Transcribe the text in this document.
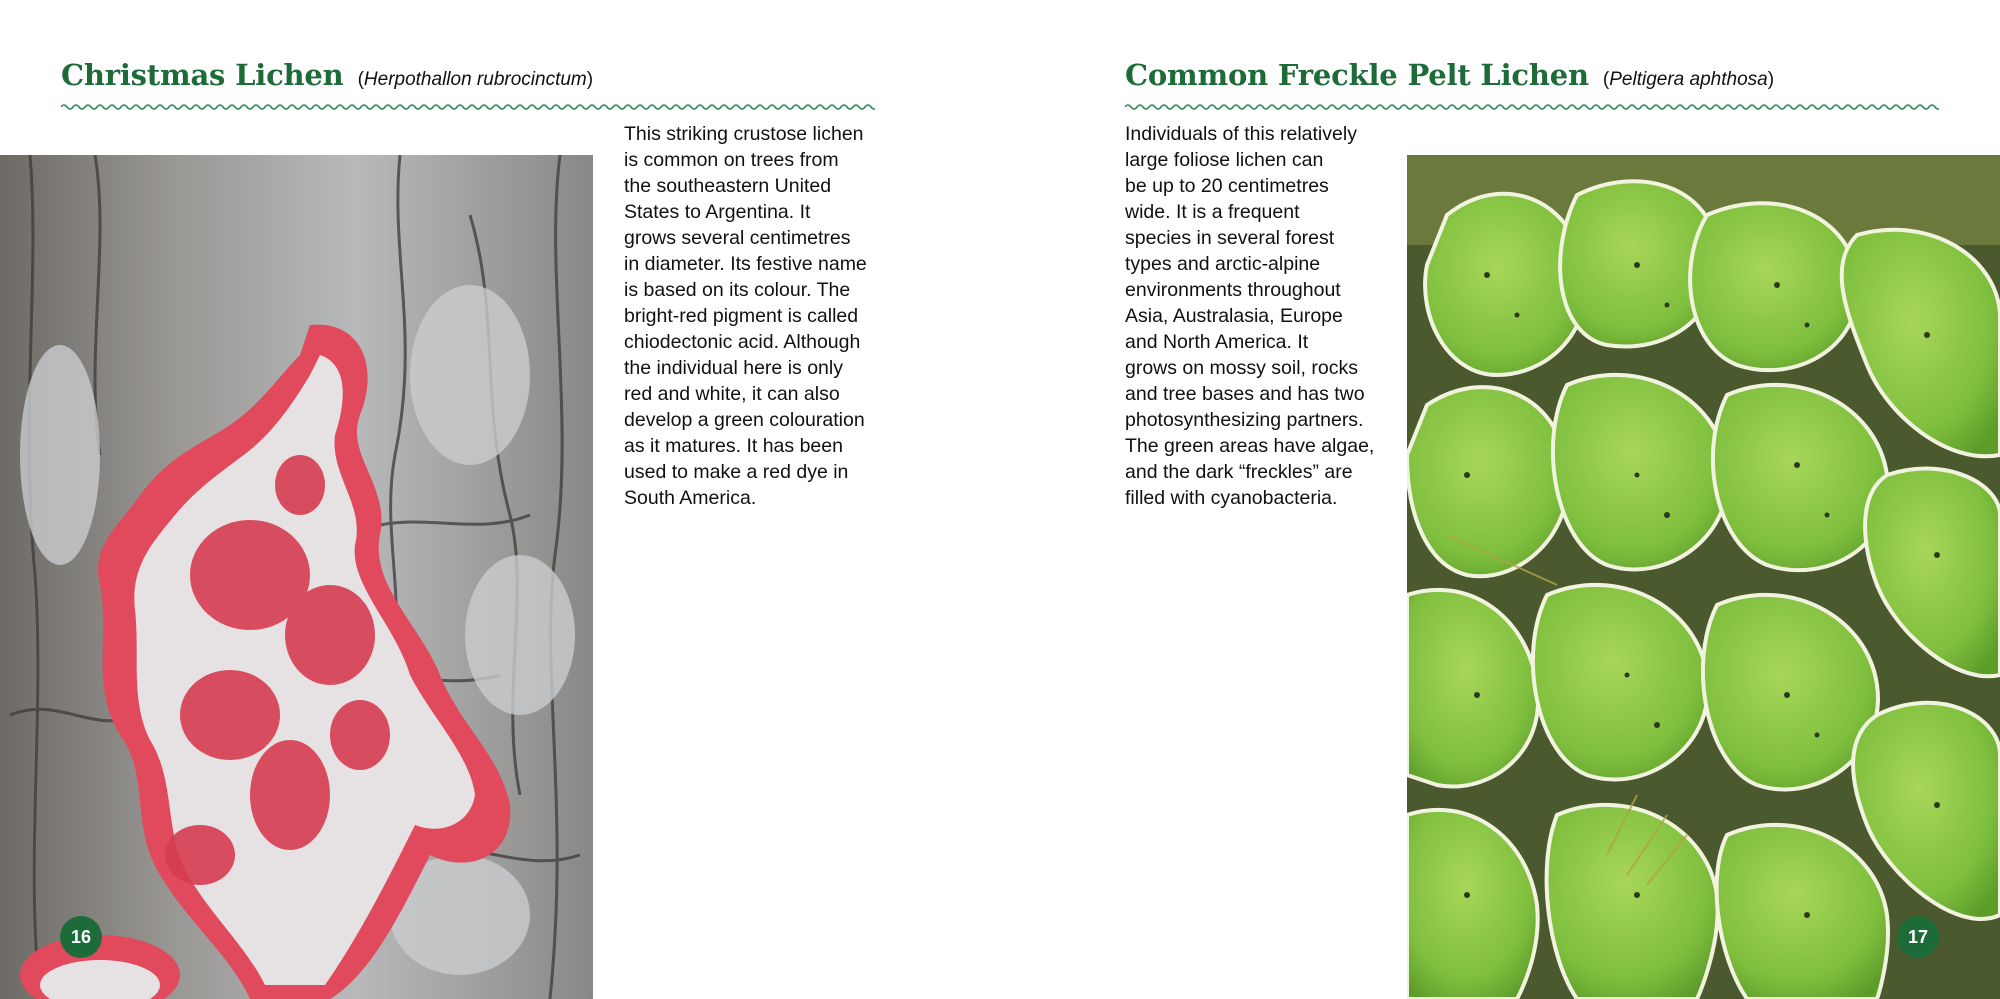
Christmas Lichen (Herpothallon rubrocinctum)
16

This striking crustose lichen
is common on trees from
the southeastern United
States to Argentina. It
grows several centimetres
in diameter. Its festive name
is based on its colour. The
bright-red pigment is called
chiodectonic acid. Although
the individual here is only
red and white, it can also
develop a green colouration
as it matures. It has been
used to make a red dye in
South America.

Common Freckle Pelt Lichen (Peltigera aphthosa)

Individuals of this relatively
large foliose lichen can
be up to 20 centimetres
wide. It is a frequent
species in several forest
types and arctic-alpine
environments throughout
Asia, Australasia, Europe
and North America. It
grows on mossy soil, rocks
and tree bases and has two
photosynthesizing partners.
The green areas have algae,
and the dark “freckles” are
filled with cyanobacteria.

17
